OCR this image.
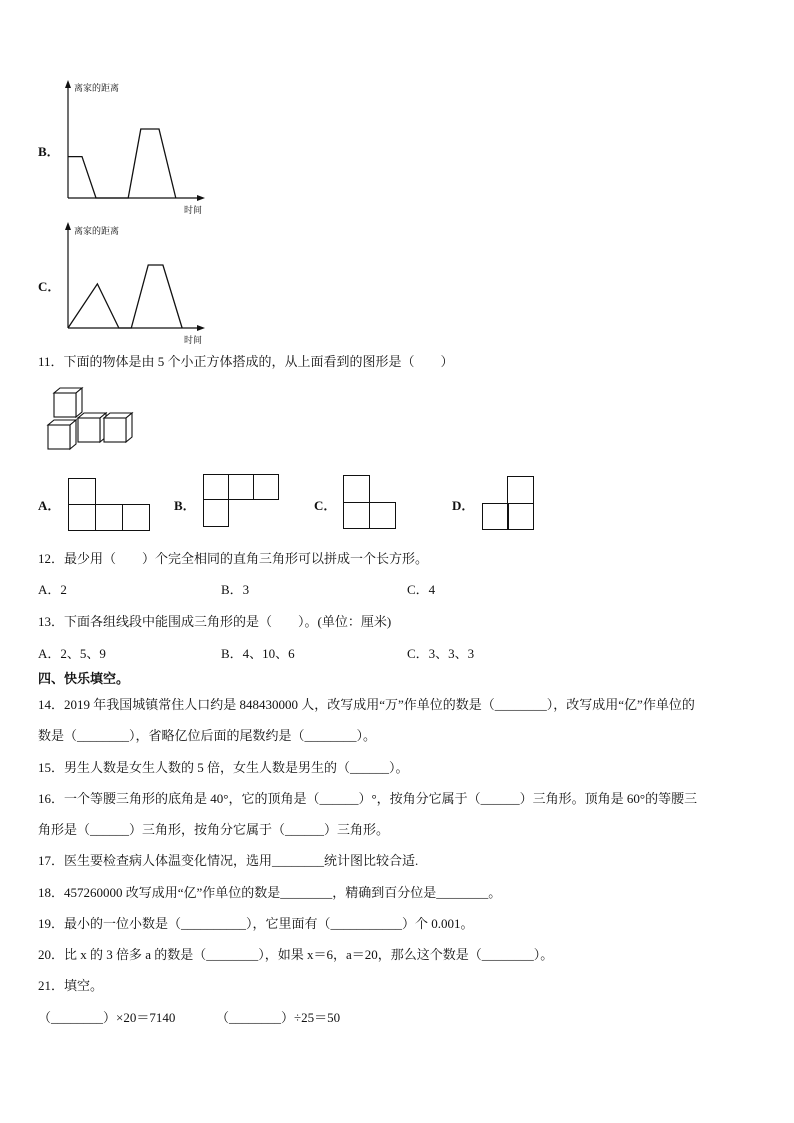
B．
离家的距离
时间
C．
离家的距离
时间
11．下面的物体是由 5 个小正方体搭成的，从上面看到的图形是（　　）
A．	B．	C．	D．
12．最少用（　　）个完全相同的直角三角形可以拼成一个长方形。
A．2	B．3	C．4
13．下面各组线段中能围成三角形的是（　　）。(单位：厘米)
A．2、5、9	B．4、10、6	C．3、3、3
四、快乐填空。
14．2019 年我国城镇常住人口约是 848430000 人，改写成用“万”作单位的数是（________），改写成用“亿”作单位的
数是（________），省略亿位后面的尾数约是（________）。
15．男生人数是女生人数的 5 倍，女生人数是男生的（______）。
16．一个等腰三角形的底角是 40°，它的顶角是（______）°，按角分它属于（______）三角形。顶角是 60°的等腰三
角形是（______）三角形，按角分它属于（______）三角形。
17．医生要检查病人体温变化情况，选用________统计图比较合适.
18．457260000 改写成用“亿”作单位的数是________，精确到百分位是________。
19．最小的一位小数是（__________），它里面有（___________）个 0.001。
20．比 x 的 3 倍多 a 的数是（________），如果 x＝6，a＝20，那么这个数是（________）。
21．填空。
（________）×20＝7140	（________）÷25＝50
